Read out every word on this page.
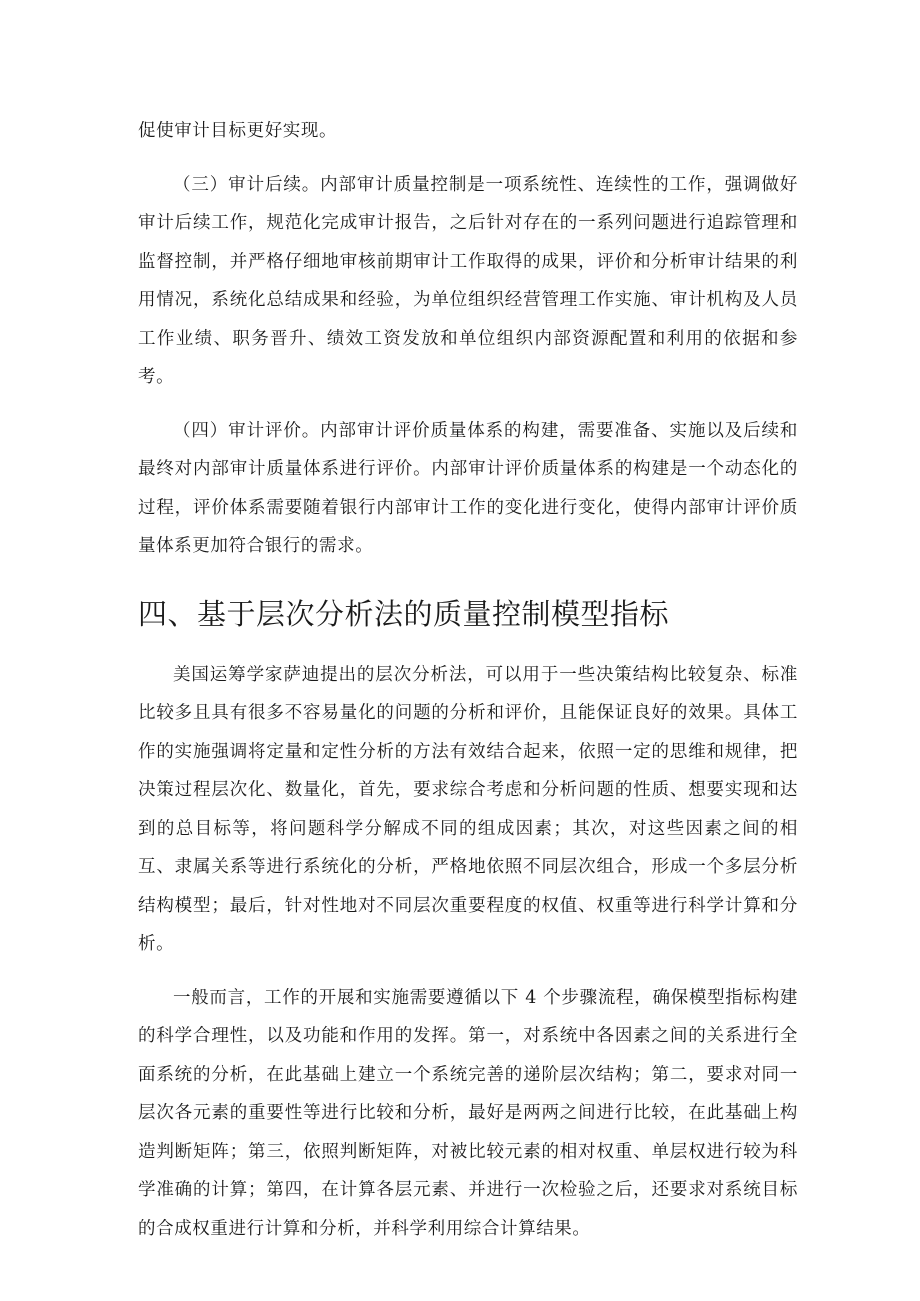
促使审计目标更好实现。

（三）审计后续。内部审计质量控制是一项系统性、连续性的工作，强调做好审计后续工作，规范化完成审计报告，之后针对存在的一系列问题进行追踪管理和监督控制，并严格仔细地审核前期审计工作取得的成果，评价和分析审计结果的利用情况，系统化总结成果和经验，为单位组织经营管理工作实施、审计机构及人员工作业绩、职务晋升、绩效工资发放和单位组织内部资源配置和利用的依据和参考。

（四）审计评价。内部审计评价质量体系的构建，需要准备、实施以及后续和最终对内部审计质量体系进行评价。内部审计评价质量体系的构建是一个动态化的过程，评价体系需要随着银行内部审计工作的变化进行变化，使得内部审计评价质量体系更加符合银行的需求。

四、基于层次分析法的质量控制模型指标

美国运筹学家萨迪提出的层次分析法，可以用于一些决策结构比较复杂、标准比较多且具有很多不容易量化的问题的分析和评价，且能保证良好的效果。具体工作的实施强调将定量和定性分析的方法有效结合起来，依照一定的思维和规律，把决策过程层次化、数量化，首先，要求综合考虑和分析问题的性质、想要实现和达到的总目标等，将问题科学分解成不同的组成因素；其次，对这些因素之间的相互、隶属关系等进行系统化的分析，严格地依照不同层次组合，形成一个多层分析结构模型；最后，针对性地对不同层次重要程度的权值、权重等进行科学计算和分析。

一般而言，工作的开展和实施需要遵循以下 4 个步骤流程，确保模型指标构建的科学合理性，以及功能和作用的发挥。第一，对系统中各因素之间的关系进行全面系统的分析，在此基础上建立一个系统完善的递阶层次结构；第二，要求对同一层次各元素的重要性等进行比较和分析，最好是两两之间进行比较，在此基础上构造判断矩阵；第三，依照判断矩阵，对被比较元素的相对权重、单层权进行较为科学准确的计算；第四，在计算各层元素、并进行一次检验之后，还要求对系统目标的合成权重进行计算和分析，并科学利用综合计算结果。
